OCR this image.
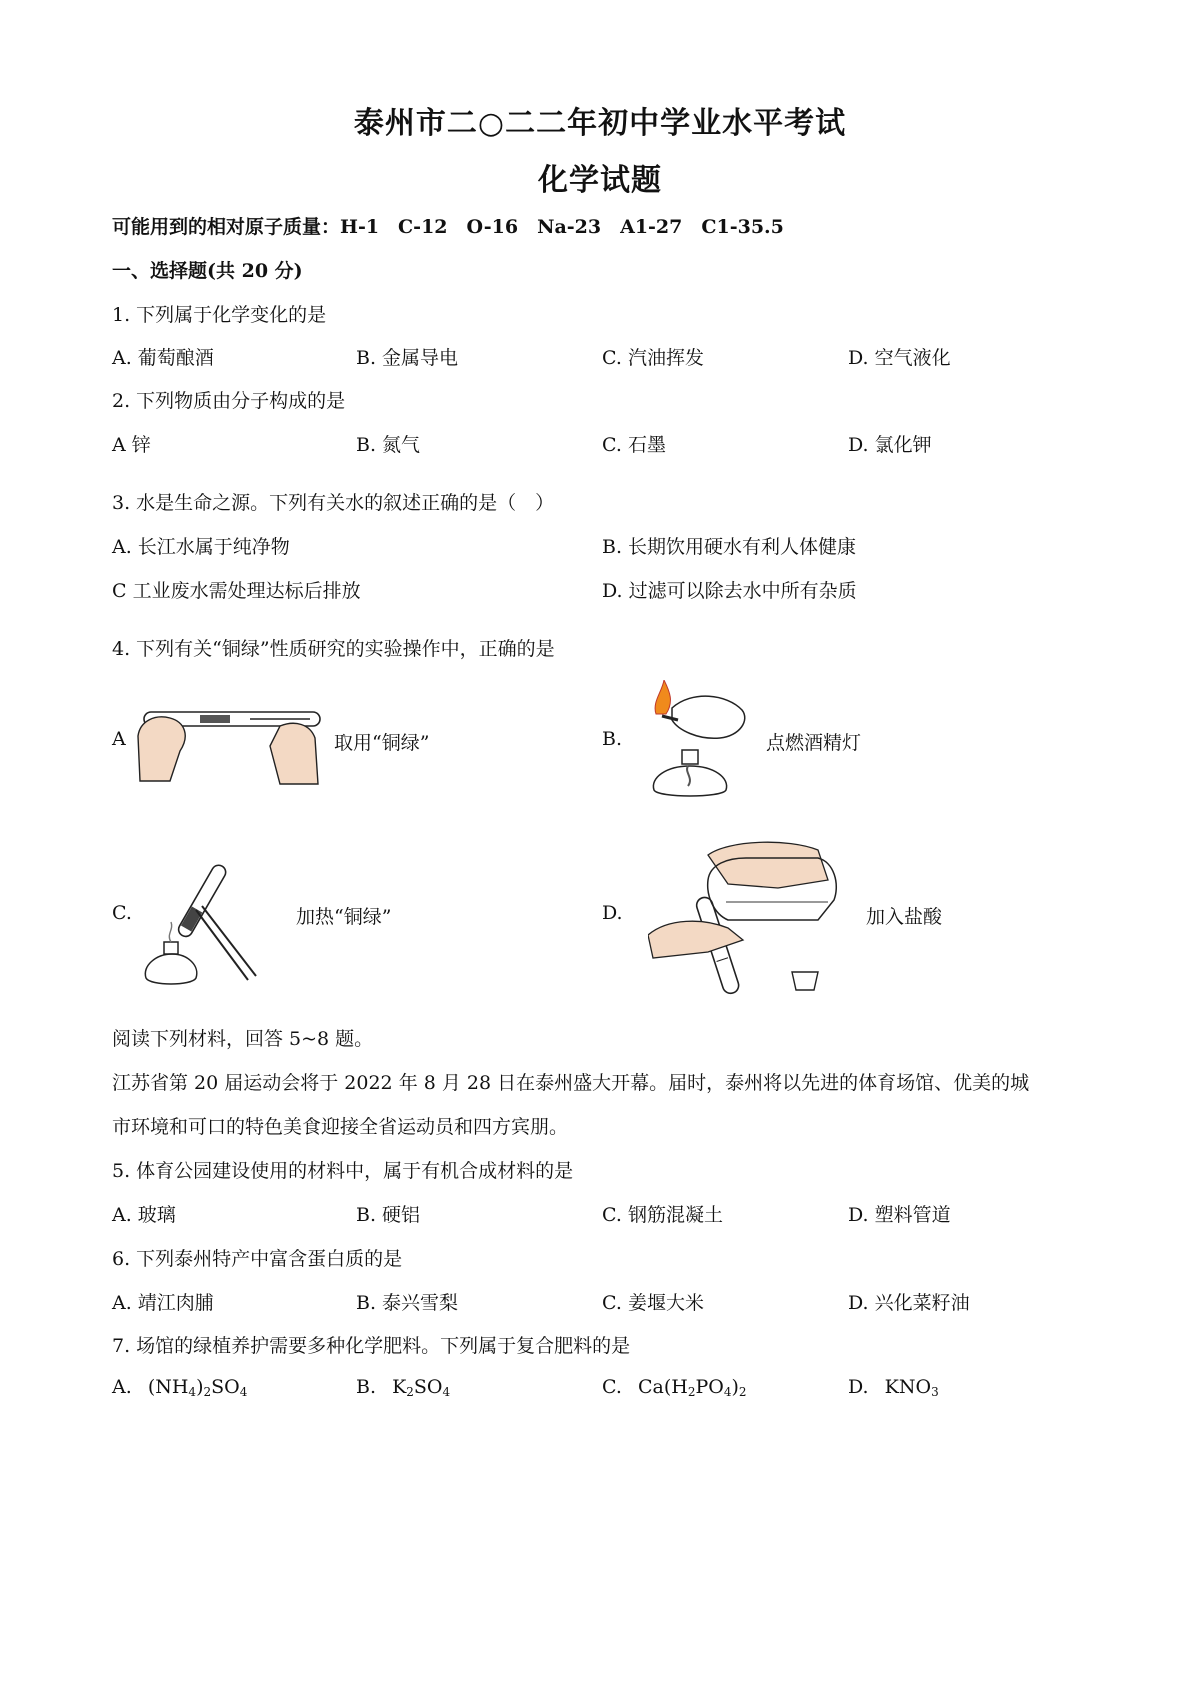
泰州市二○二二年初中学业水平考试
化学试题
可能用到的相对原子质量：H-1　C-12　O-16　Na-23　A1-27　C1-35.5
一、选择题(共 20 分)
1. 下列属于化学变化的是
A. 葡萄酿酒	B. 金属导电	C. 汽油挥发	D. 空气液化
2. 下列物质由分子构成的是
A 锌	B. 氮气	C. 石墨	D. 氯化钾
3. 水是生命之源。下列有关水的叙述正确的是（　）
A. 长江水属于纯净物	B. 长期饮用硬水有利人体健康
C 工业废水需处理达标后排放	D. 过滤可以除去水中所有杂质
4. 下列有关“铜绿”性质研究的实验操作中，正确的是
A	取用“铜绿”	B.	点燃酒精灯
C.	加热“铜绿”	D.	加入盐酸
阅读下列材料，回答 5~8 题。
江苏省第 20 届运动会将于 2022 年 8 月 28 日在泰州盛大开幕。届时，泰州将以先进的体育场馆、优美的城
市环境和可口的特色美食迎接全省运动员和四方宾朋。
5. 体育公园建设使用的材料中，属于有机合成材料的是
A. 玻璃	B. 硬铝	C. 钢筋混凝土	D. 塑料管道
6. 下列泰州特产中富含蛋白质的是
A. 靖江肉脯	B. 泰兴雪梨	C. 姜堰大米	D. 兴化菜籽油
7. 场馆的绿植养护需要多种化学肥料。下列属于复合肥料的是
A. $(NH_4)_2SO_4$	B. $K_2SO_4$	C. $Ca(H_2PO_4)_2$	D. $KNO_3$
